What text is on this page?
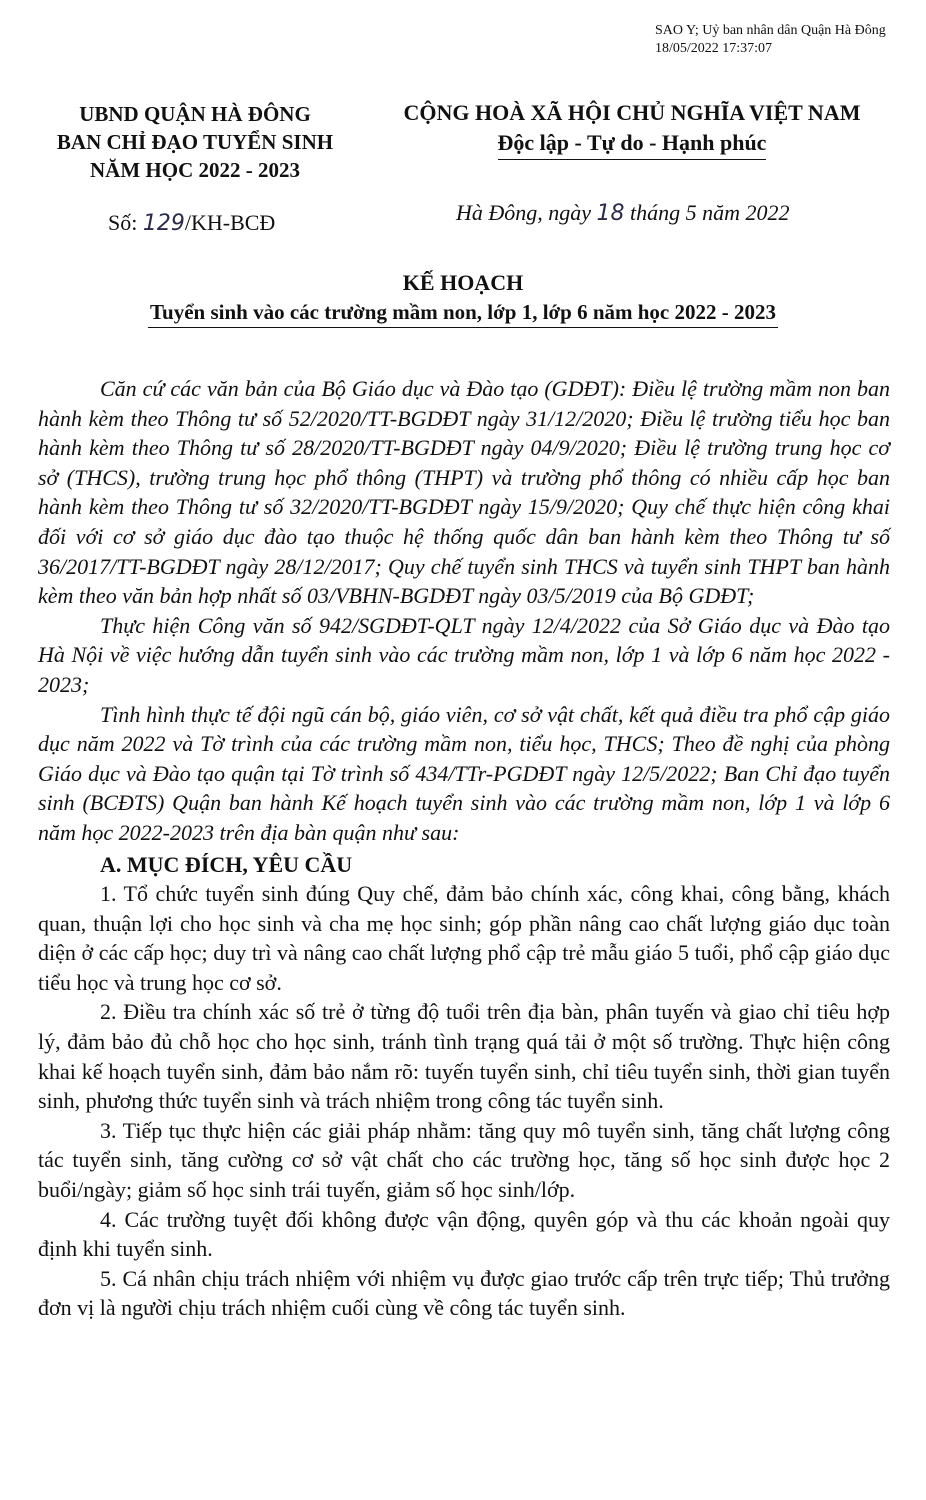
SAO Y; Uỷ ban nhân dân Quận Hà Đông
18/05/2022 17:37:07
UBND QUẬN HÀ ĐÔNG
BAN CHỈ ĐẠO TUYỂN SINH
NĂM HỌC 2022 - 2023
CỘNG HOÀ XÃ HỘI CHỦ NGHĨA VIỆT NAM
Độc lập - Tự do - Hạnh phúc
Số: 129/KH-BCĐ	Hà Đông, ngày 18 tháng 5 năm 2022
KẾ HOẠCH
Tuyển sinh vào các trường mầm non, lớp 1, lớp 6 năm học 2022 - 2023

Căn cứ các văn bản của Bộ Giáo dục và Đào tạo (GDĐT): Điều lệ trường mầm non ban hành kèm theo Thông tư số 52/2020/TT-BGDĐT ngày 31/12/2020; Điều lệ trường tiểu học ban hành kèm theo Thông tư số 28/2020/TT-BGDĐT ngày 04/9/2020; Điều lệ trường trung học cơ sở (THCS), trường trung học phổ thông (THPT) và trường phổ thông có nhiều cấp học ban hành kèm theo Thông tư số 32/2020/TT-BGDĐT ngày 15/9/2020; Quy chế thực hiện công khai đối với cơ sở giáo dục đào tạo thuộc hệ thống quốc dân ban hành kèm theo Thông tư số 36/2017/TT-BGDĐT ngày 28/12/2017; Quy chế tuyển sinh THCS và tuyển sinh THPT ban hành kèm theo văn bản hợp nhất số 03/VBHN-BGDĐT ngày 03/5/2019 của Bộ GDĐT;

Thực hiện Công văn số 942/SGDĐT-QLT ngày 12/4/2022 của Sở Giáo dục và Đào tạo Hà Nội về việc hướng dẫn tuyển sinh vào các trường mầm non, lớp 1 và lớp 6 năm học 2022 - 2023;

Tình hình thực tế đội ngũ cán bộ, giáo viên, cơ sở vật chất, kết quả điều tra phổ cập giáo dục năm 2022 và Tờ trình của các trường mầm non, tiểu học, THCS; Theo đề nghị của phòng Giáo dục và Đào tạo quận tại Tờ trình số 434/TTr-PGDĐT ngày 12/5/2022; Ban Chỉ đạo tuyển sinh (BCĐTS) Quận ban hành Kế hoạch tuyển sinh vào các trường mầm non, lớp 1 và lớp 6 năm học 2022-2023 trên địa bàn quận như sau:

A. MỤC ĐÍCH, YÊU CẦU

1. Tổ chức tuyển sinh đúng Quy chế, đảm bảo chính xác, công khai, công bằng, khách quan, thuận lợi cho học sinh và cha mẹ học sinh; góp phần nâng cao chất lượng giáo dục toàn diện ở các cấp học; duy trì và nâng cao chất lượng phổ cập trẻ mẫu giáo 5 tuổi, phổ cập giáo dục tiểu học và trung học cơ sở.

2. Điều tra chính xác số trẻ ở từng độ tuổi trên địa bàn, phân tuyến và giao chỉ tiêu hợp lý, đảm bảo đủ chỗ học cho học sinh, tránh tình trạng quá tải ở một số trường. Thực hiện công khai kế hoạch tuyển sinh, đảm bảo nắm rõ: tuyến tuyển sinh, chỉ tiêu tuyển sinh, thời gian tuyển sinh, phương thức tuyển sinh và trách nhiệm trong công tác tuyển sinh.

3. Tiếp tục thực hiện các giải pháp nhằm: tăng quy mô tuyển sinh, tăng chất lượng công tác tuyển sinh, tăng cường cơ sở vật chất cho các trường học, tăng số học sinh được học 2 buổi/ngày; giảm số học sinh trái tuyến, giảm số học sinh/lớp.

4. Các trường tuyệt đối không được vận động, quyên góp và thu các khoản ngoài quy định khi tuyển sinh.

5. Cá nhân chịu trách nhiệm với nhiệm vụ được giao trước cấp trên trực tiếp; Thủ trưởng đơn vị là người chịu trách nhiệm cuối cùng về công tác tuyển sinh.
